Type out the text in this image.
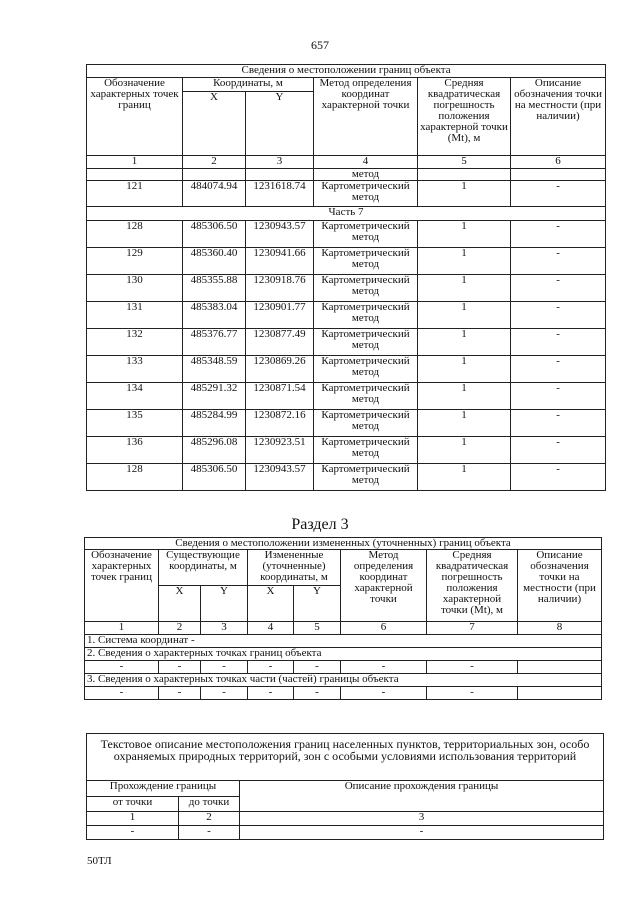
657
Сведения о местоположении границ объекта					
Обозначение характерных точек границ	Координаты, м		Метод определения координат характерной точки	Средняя квадратическая погрешность положения характерной точки (Mt), м	Описание обозначения точки на местности (при наличии)
	X	Y			
1	2	3	4	5	6
			метод		
121	484074.94	1231618.74	Картометрический метод	1	-
Часть 7					
128	485306.50	1230943.57	Картометрический метод	1	-
129	485360.40	1230941.66	Картометрический метод	1	-
130	485355.88	1230918.76	Картометрический метод	1	-
131	485383.04	1230901.77	Картометрический метод	1	-
132	485376.77	1230877.49	Картометрический метод	1	-
133	485348.59	1230869.26	Картометрический метод	1	-
134	485291.32	1230871.54	Картометрический метод	1	-
135	485284.99	1230872.16	Картометрический метод	1	-
136	485296.08	1230923.51	Картометрический метод	1	-
128	485306.50	1230943.57	Картометрический метод	1	-
Раздел 3
Сведения о местоположении измененных (уточненных) границ объекта							
Обозначение характерных точек границ	Существующие координаты, м		Измененные (уточненные) координаты, м		Метод определения координат характерной точки	Средняя квадратическая погрешность положения характерной точки (Mt), м	Описание обозначения точки на местности (при наличии)
	X	Y	X	Y			
1	2	3	4	5	6	7	8
1. Система координат -							
2. Сведения о характерных точках границ объекта							
-	-	-	-	-	-	-	
3. Сведения о характерных точках части (частей) границы объекта							
-	-	-	-	-	-	-	
Текстовое описание местоположения границ населенных пунктов, территориальных зон, особо охраняемых природных территорий, зон с особыми условиями использования территорий		
Прохождение границы		Описание прохождения границы
от точки	до точки	
1	2	3
-	-	-
50ТЛ
